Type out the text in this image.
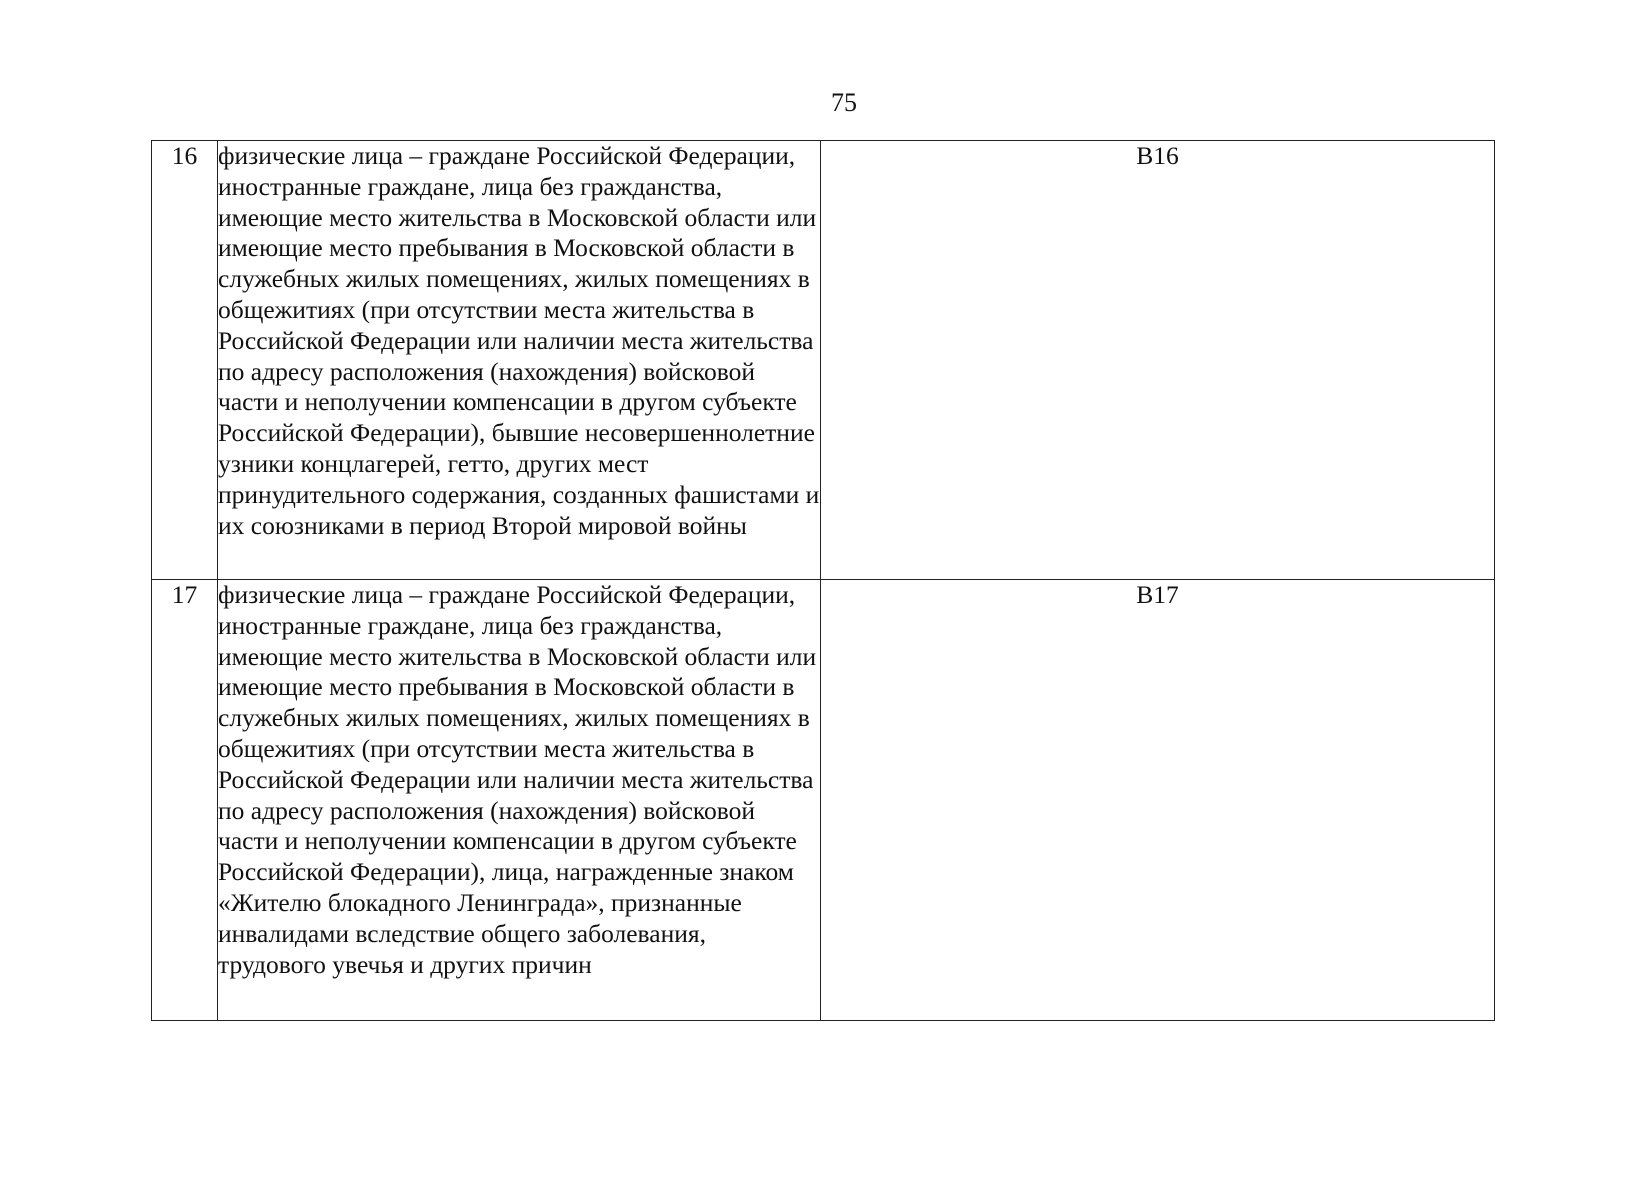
75
16	физические лица – граждане Российской Федерации, иностранные граждане, лица без гражданства, имеющие место жительства в Московской области или имеющие место пребывания в Московской области в служебных жилых помещениях, жилых помещениях в общежитиях (при отсутствии места жительства в Российской Федерации или наличии места жительства по адресу расположения (нахождения) войсковой части и неполучении компенсации в другом субъекте Российской Федерации), бывшие несовершеннолетние узники концлагерей, гетто, других мест принудительного содержания, созданных фашистами и их союзниками в период Второй мировой войны	B16
17	физические лица – граждане Российской Федерации, иностранные граждане, лица без гражданства, имеющие место жительства в Московской области или имеющие место пребывания в Московской области в служебных жилых помещениях, жилых помещениях в общежитиях (при отсутствии места жительства в Российской Федерации или наличии места жительства по адресу расположения (нахождения) войсковой части и неполучении компенсации в другом субъекте Российской Федерации), лица, награжденные знаком «Жителю блокадного Ленинграда», признанные инвалидами вследствие общего заболевания, трудового увечья и других причин	B17
